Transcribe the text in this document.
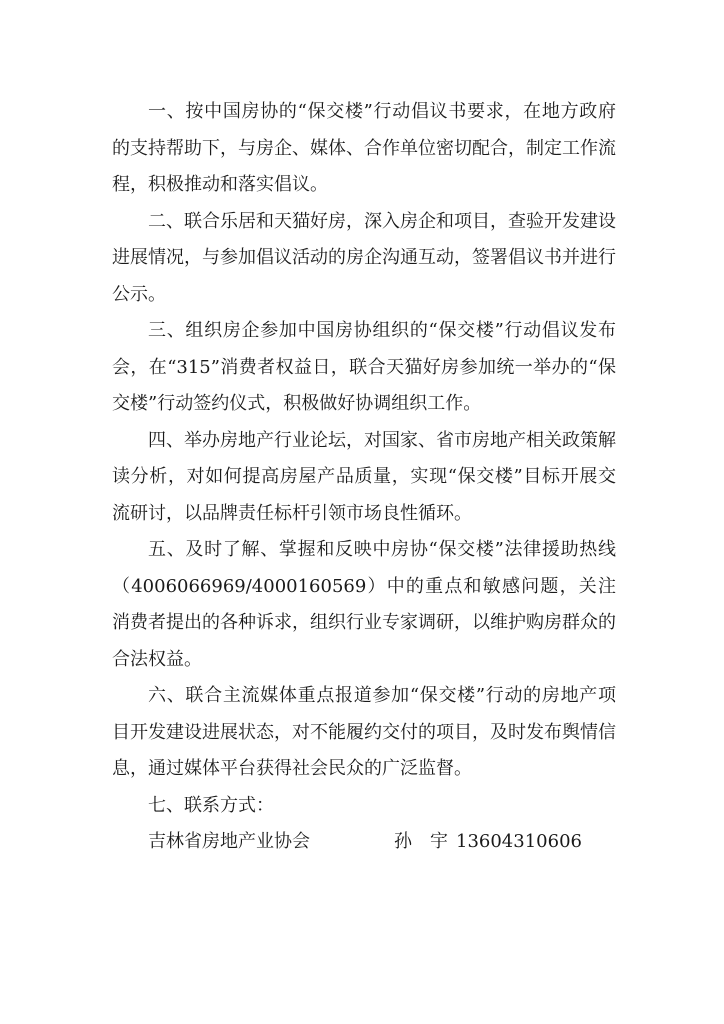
一、按中国房协的“保交楼”行动倡议书要求，在地方政府的支持帮助下，与房企、媒体、合作单位密切配合，制定工作流程，积极推动和落实倡议。

二、联合乐居和天猫好房，深入房企和项目，查验开发建设进展情况，与参加倡议活动的房企沟通互动，签署倡议书并进行公示。

三、组织房企参加中国房协组织的“保交楼”行动倡议发布会，在“315”消费者权益日，联合天猫好房参加统一举办的“保交楼”行动签约仪式，积极做好协调组织工作。

四、举办房地产行业论坛，对国家、省市房地产相关政策解读分析，对如何提高房屋产品质量，实现“保交楼”目标开展交流研讨，以品牌责任标杆引领市场良性循环。

五、及时了解、掌握和反映中房协“保交楼”法律援助热线（4006066969/4000160569）中的重点和敏感问题，关注消费者提出的各种诉求，组织行业专家调研，以维护购房群众的合法权益。

六、联合主流媒体重点报道参加“保交楼”行动的房地产项目开发建设进展状态，对不能履约交付的项目，及时发布舆情信息，通过媒体平台获得社会民众的广泛监督。

七、联系方式：

吉林省房地产业协会	孙　宇 13604310606
